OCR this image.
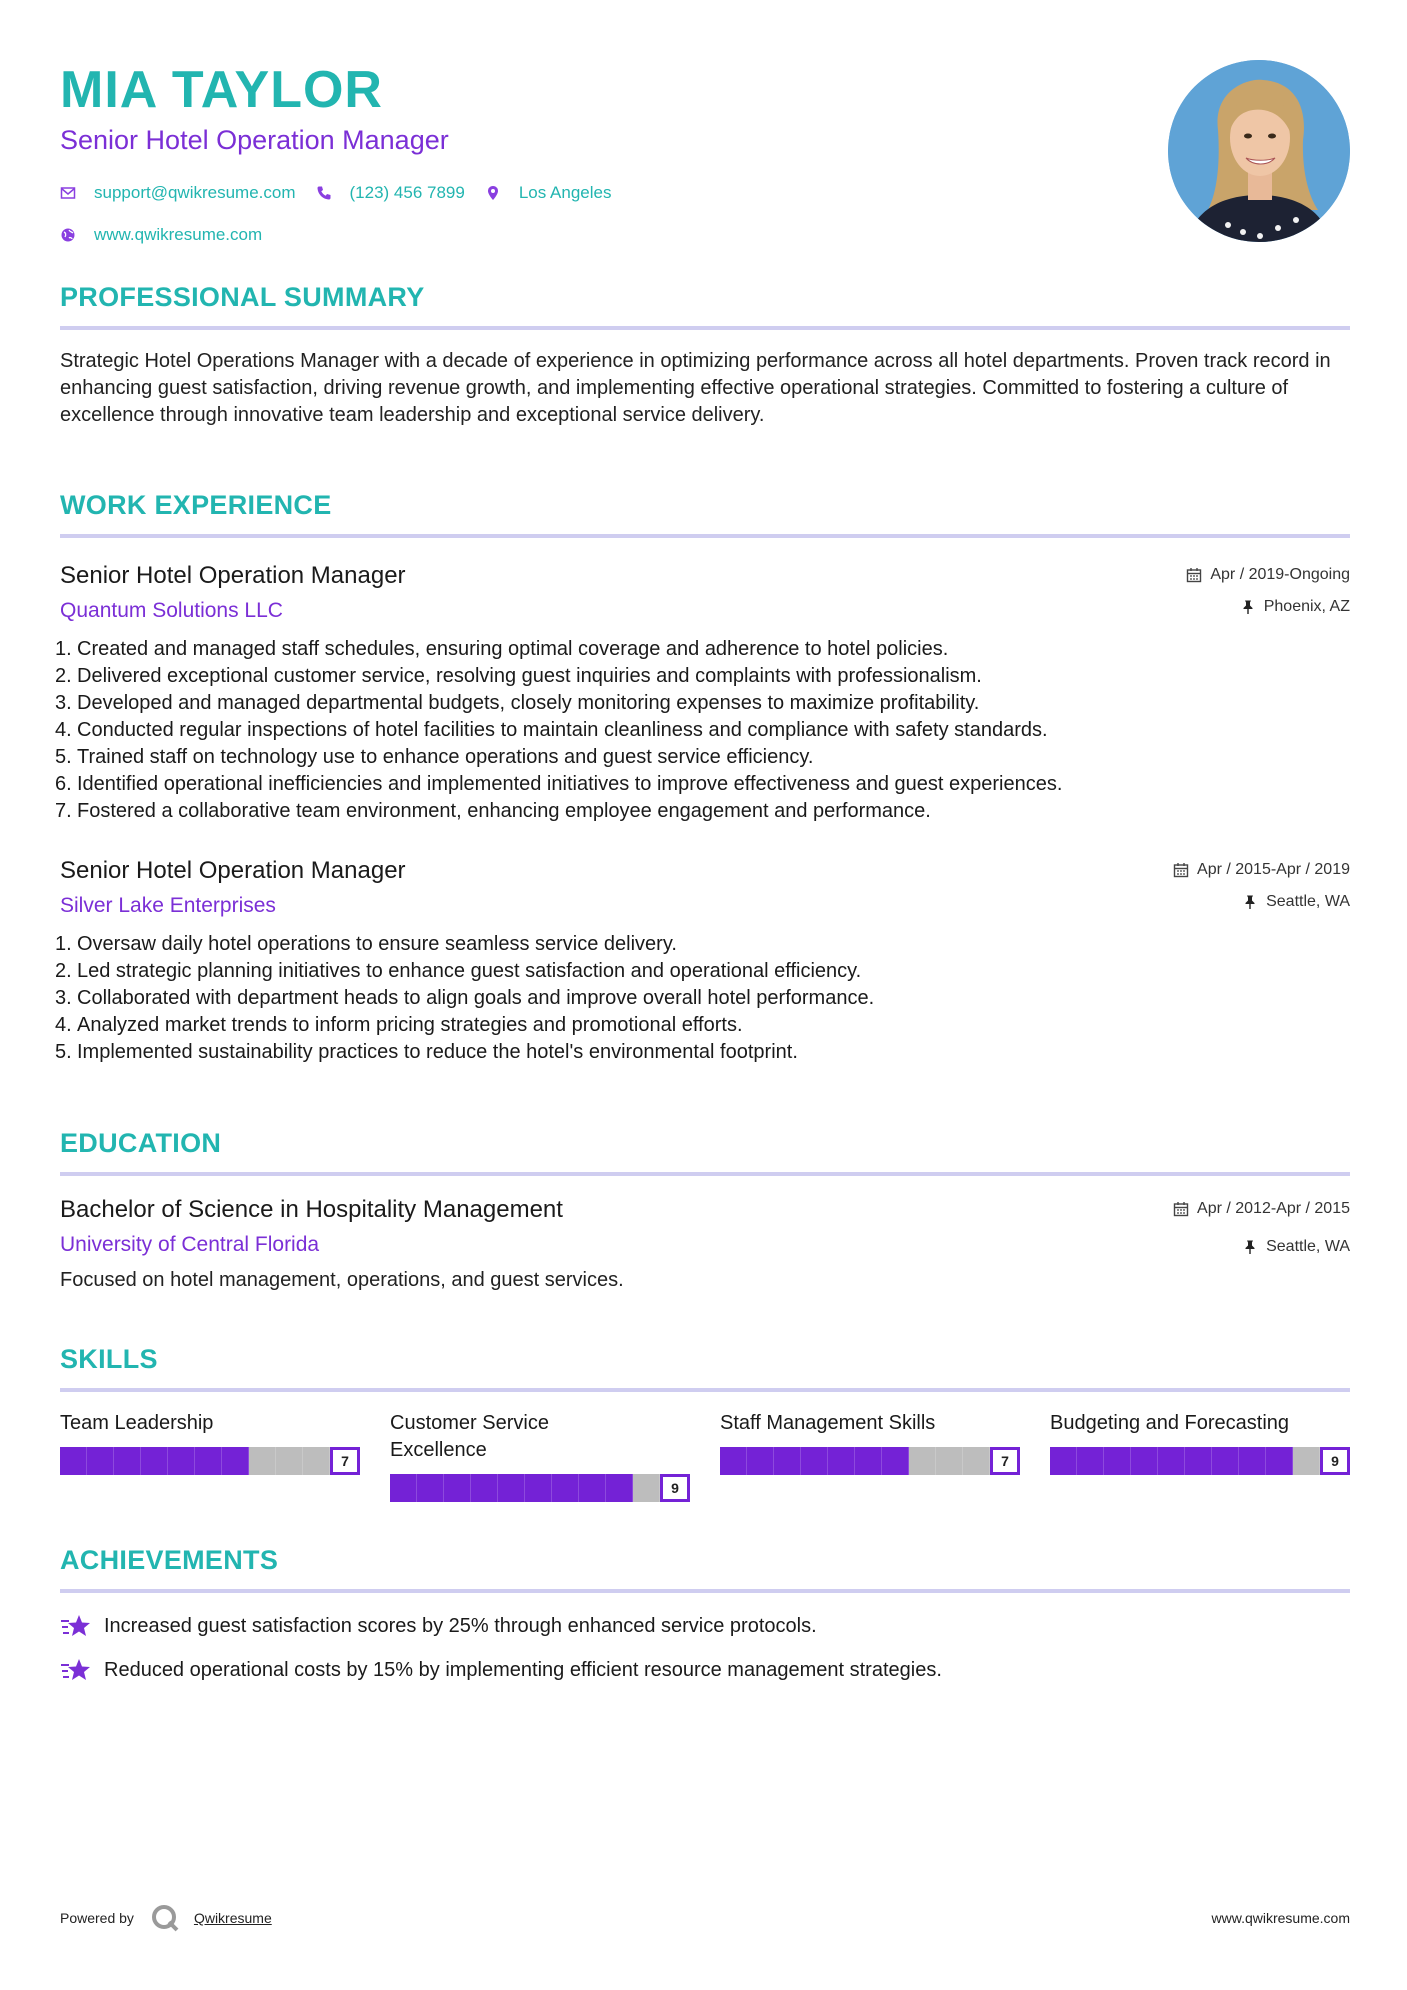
MIA TAYLOR
Senior Hotel Operation Manager
support@qwikresume.com	(123) 456 7899	Los Angeles
www.qwikresume.com
PROFESSIONAL SUMMARY
Strategic Hotel Operations Manager with a decade of experience in optimizing performance across all hotel departments. Proven track record in enhancing guest satisfaction, driving revenue growth, and implementing effective operational strategies. Committed to fostering a culture of excellence through innovative team leadership and exceptional service delivery.
WORK EXPERIENCE
Senior Hotel Operation Manager
Quantum Solutions LLC
Apr / 2019-Ongoing
Phoenix, AZ
1. Created and managed staff schedules, ensuring optimal coverage and adherence to hotel policies.
2. Delivered exceptional customer service, resolving guest inquiries and complaints with professionalism.
3. Developed and managed departmental budgets, closely monitoring expenses to maximize profitability.
4. Conducted regular inspections of hotel facilities to maintain cleanliness and compliance with safety standards.
5. Trained staff on technology use to enhance operations and guest service efficiency.
6. Identified operational inefficiencies and implemented initiatives to improve effectiveness and guest experiences.
7. Fostered a collaborative team environment, enhancing employee engagement and performance.
Senior Hotel Operation Manager
Silver Lake Enterprises
Apr / 2015-Apr / 2019
Seattle, WA
1. Oversaw daily hotel operations to ensure seamless service delivery.
2. Led strategic planning initiatives to enhance guest satisfaction and operational efficiency.
3. Collaborated with department heads to align goals and improve overall hotel performance.
4. Analyzed market trends to inform pricing strategies and promotional efforts.
5. Implemented sustainability practices to reduce the hotel's environmental footprint.
EDUCATION
Bachelor of Science in Hospitality Management
University of Central Florida
Apr / 2012-Apr / 2015
Seattle, WA
Focused on hotel management, operations, and guest services.
SKILLS
Team Leadership
7
Customer Service Excellence
9
Staff Management Skills
7
Budgeting and Forecasting
9
ACHIEVEMENTS
Increased guest satisfaction scores by 25% through enhanced service protocols.
Reduced operational costs by 15% by implementing efficient resource management strategies.
Powered by	Qwikresume	www.qwikresume.com
